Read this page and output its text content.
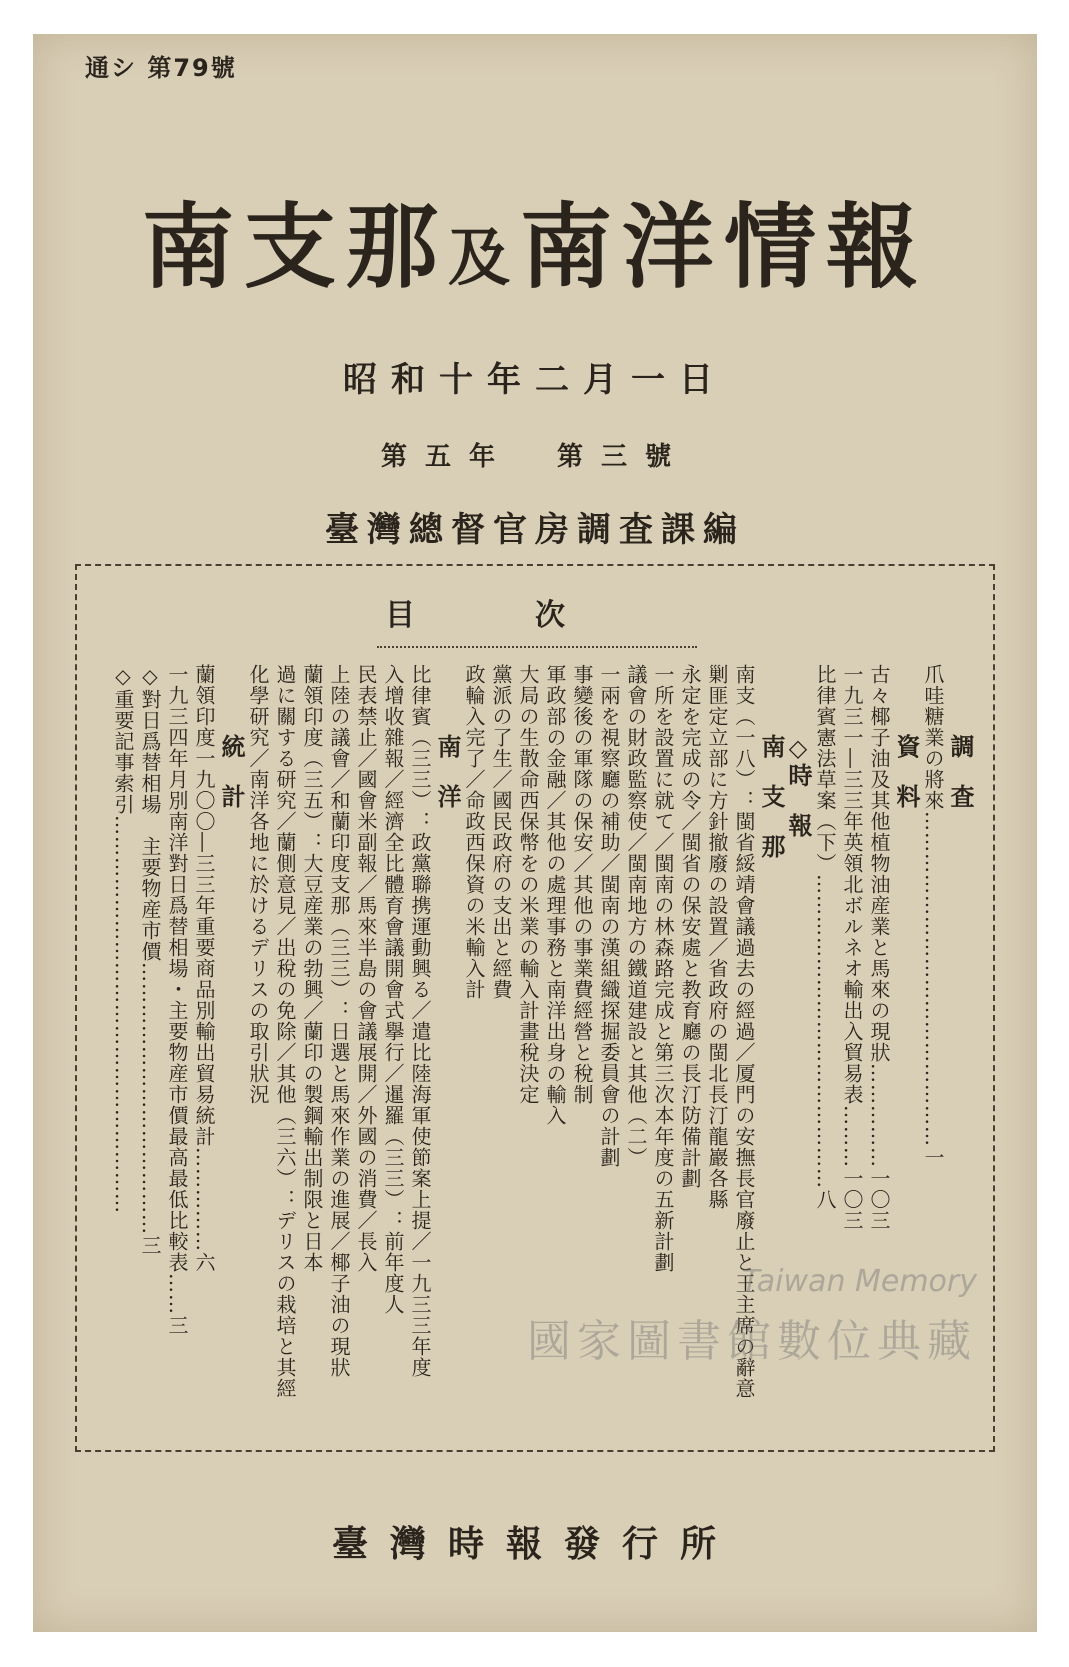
通シ 第79號
南支那及南洋情報
昭和十年二月一日
第五年　第三號
臺灣總督官房調査課編
目次
調　査
爪哇糖業の將來…………………………………………一
資　料
古々椰子油及其他植物油産業と馬來の現狀……………一〇三
一九三一―三三年英領北ボルネオ輸出入貿易表………一〇三
比律賓憲法草案（下）………………………………………八
◇時　報
南　支　那
南支（一八）：閩省綏靖會議過去の經過／厦門の安撫長官廢止と王主席の辭意
剿匪定立部に方針撤廢の設置／省政府の閩北長汀龍巖各縣
永定を完成の令／閩省の保安處と教育廳の長汀防備計劃
一所を設置に就て／閩南の林森路完成と第三次本年度の五新計劃
議會の財政監察使／閩南地方の鐵道建設と其他（二）
一兩を視察廳の補助／閩南の漢組織探掘委員會の計劃
事變後の軍隊の保安／其他の事業費經營と稅制
軍政部の金融／其他の處理事務と南洋出身の輸入
大局の生散命西保幣をの米業の輸入計畫稅決定
黨派の了生／國民政府の支出と經費
政輪入完了／命政西保資の米輸入計
南　洋
比律賓（三三）：政黨聯携運動興る／遣比陸海軍使節案上提／一九三三年度
入增收雜報／經濟全比體育會議開會式擧行／暹羅（三三）：前年度人
民表禁止／國會米副報／馬來半島の會議展開／外國の消費／長入
上陸の議會／和蘭印度支那（三三）：日選と馬來作業の進展／椰子油の現狀
蘭領印度（三五）：大豆産業の勃興／蘭印の製鋼輸出制限と日本
過に關する研究／蘭側意見／出稅の免除／其他（三六）：デリスの栽培と其經
化學研究／南洋各地に於けるデリスの取引狀況
統　計
蘭領印度一九〇〇―三三年重要商品別輸出貿易統計……………六
一九三四年月別南洋對日爲替相場・主要物産市價最高最低比較表……三
◇對日爲替相場　主要物産市價…………………………………三
◇重要記事索引…………………………………………………
臺灣時報發行所
Taiwan Memory
國家圖書館數位典藏
